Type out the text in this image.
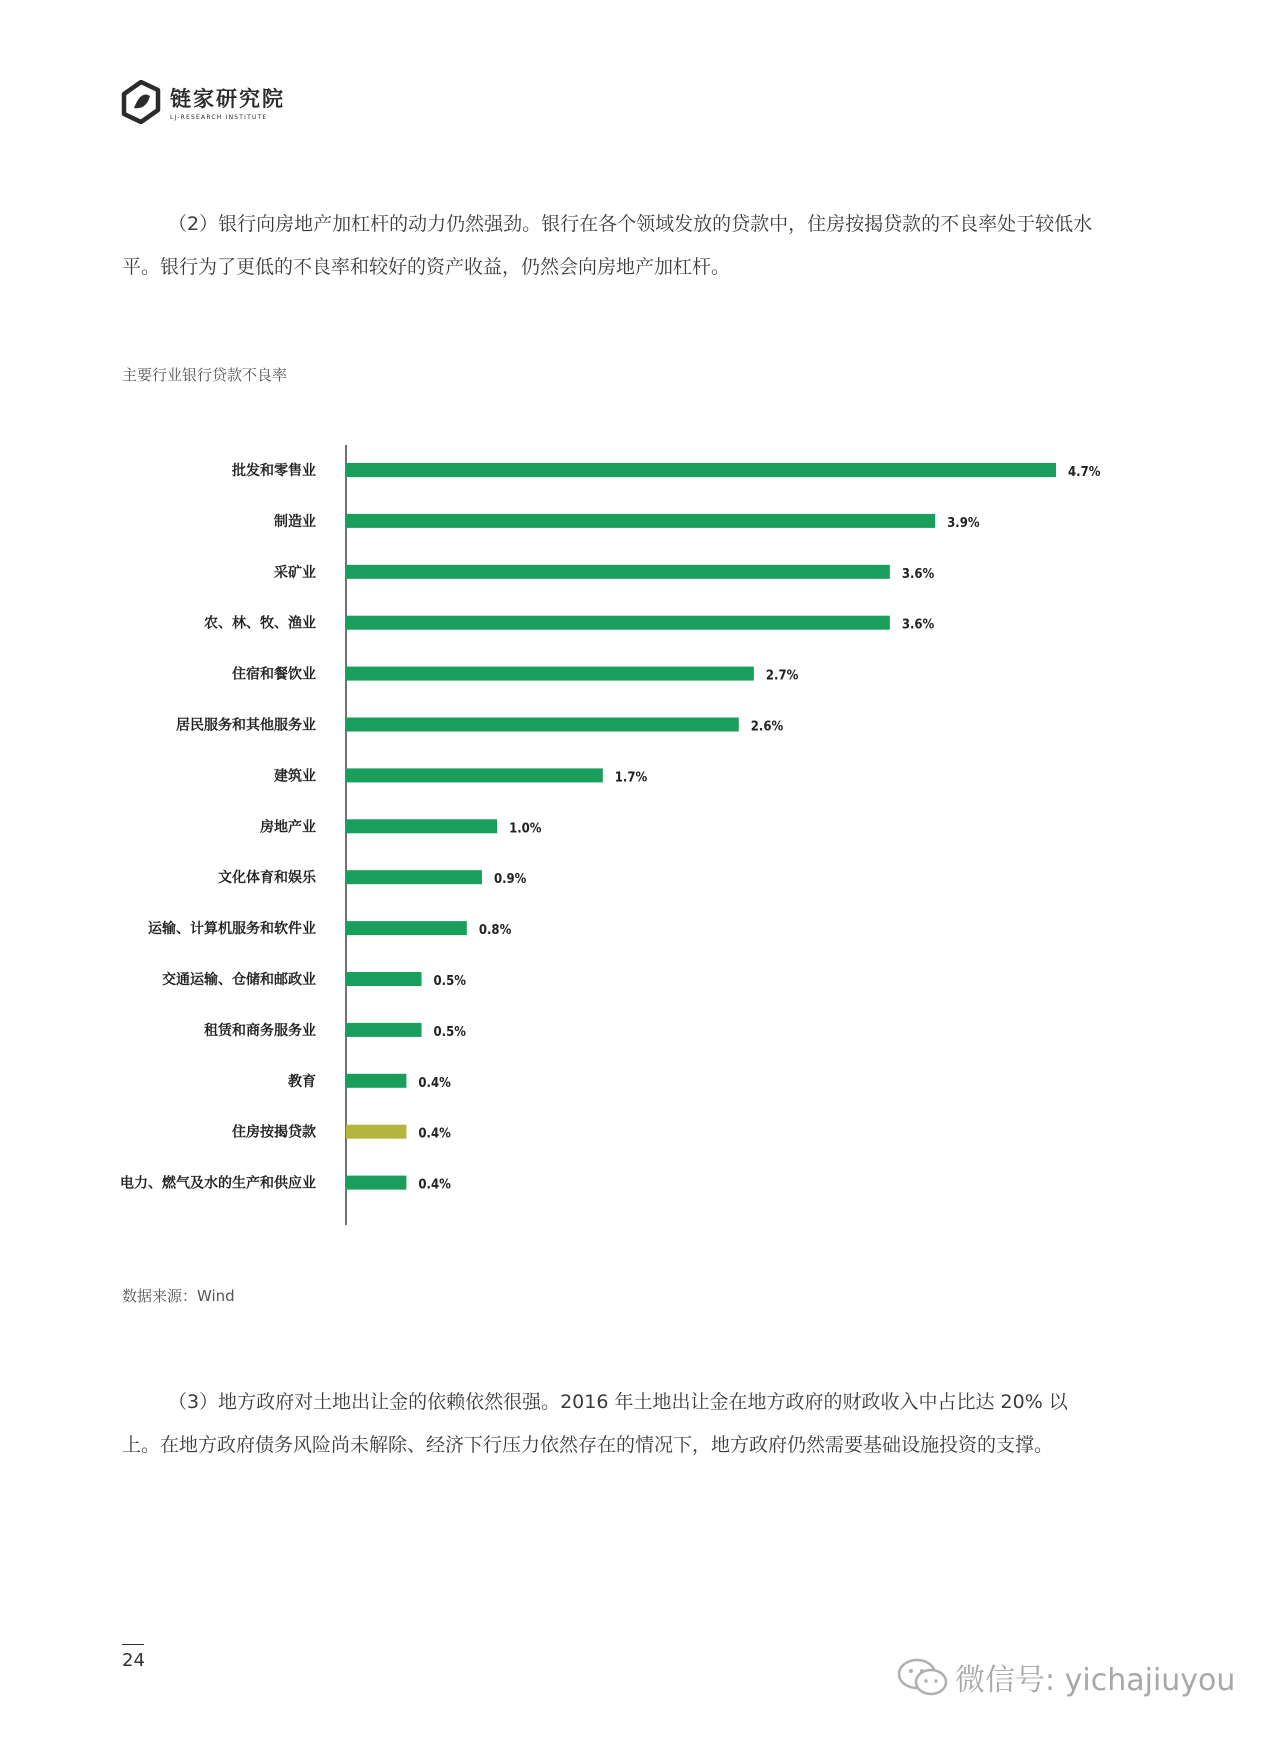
链家研究院
LJ-RESEARCH INSTITUTE

（2）银行向房地产加杠杆的动力仍然强劲。银行在各个领域发放的贷款中，住房按揭贷款的不良率处于较低水平。银行为了更低的不良率和较好的资产收益，仍然会向房地产加杠杆。

主要行业银行贷款不良率
批发和零售业	4.7%
制造业	3.9%
采矿业	3.6%
农、林、牧、渔业	3.6%
住宿和餐饮业	2.7%
居民服务和其他服务业	2.6%
建筑业	1.7%
房地产业	1.0%
文化体育和娱乐	0.9%
运输、计算机服务和软件业	0.8%
交通运输、仓储和邮政业	0.5%
租赁和商务服务业	0.5%
教育	0.4%
住房按揭贷款	0.4%
电力、燃气及水的生产和供应业	0.4%
数据来源：Wind

（3）地方政府对土地出让金的依赖依然很强。2016 年土地出让金在地方政府的财政收入中占比达 20% 以上。在地方政府债务风险尚未解除、经济下行压力依然存在的情况下，地方政府仍然需要基础设施投资的支撑。

24
微信号: yichajiuyou
